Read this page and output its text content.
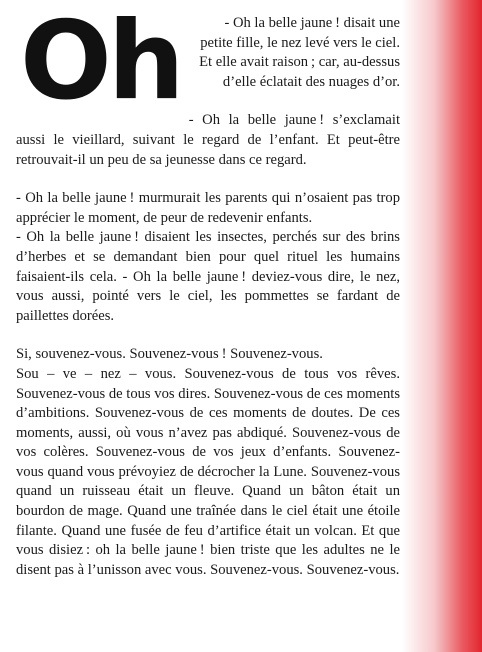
Oh	- Oh la belle jaune ! disait une petite fille, le nez levé vers le ciel. Et elle avait raison ; car, au-dessus d’elle éclatait des nuages d’or.

- Oh la belle jaune ! s’exclamait aussi le vieillard, suivant le regard de l’enfant. Et peut-être retrouvait-il un peu de sa jeunesse dans ce regard.

- Oh la belle jaune ! murmurait les parents qui n’osaient pas trop apprécier le moment, de peur de redevenir enfants.

- Oh la belle jaune ! disaient les insectes, perchés sur des brins d’herbes et se demandant bien pour quel rituel les humains faisaient-ils cela. - Oh la belle jaune ! deviez-vous dire, le nez, vous aussi, pointé vers le ciel, les pommettes se fardant de paillettes dorées.

Si, souvenez-vous. Souvenez-vous ! Souvenez-vous.

Sou – ve – nez – vous. Souvenez-vous de tous vos rêves. Souvenez-vous de tous vos dires. Souvenez-vous de ces moments d’ambitions. Souvenez-vous de ces moments de doutes. De ces moments, aussi, où vous n’avez pas abdiqué. Souvenez-vous de vos colères. Souvenez-vous de vos jeux d’enfants. Souvenez-vous quand vous prévoyiez de décrocher la Lune. Souvenez-vous quand un ruisseau était un fleuve. Quand un bâton était un bourdon de mage. Quand une traînée dans le ciel était une étoile filante. Quand une fusée de feu d’artifice était un volcan. Et que vous disiez : oh la belle jaune ! bien triste que les adultes ne le disent pas à l’unisson avec vous. Souvenez-vous. Souvenez-vous.
